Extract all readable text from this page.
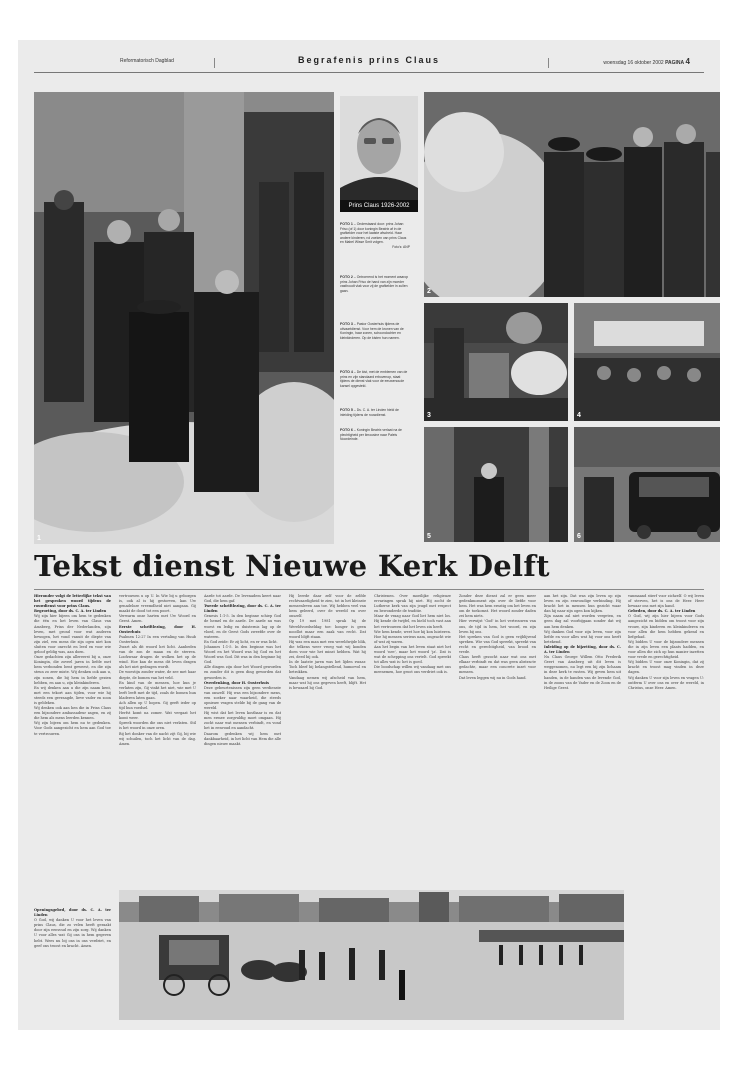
Reformatorisch Dagblad	Begrafenis prins Claus	woensdag 16 oktober 2002 PAGINA 4
1
Prins Claus 1926-2002
FOTO 1 – Onderstaand door: prins Johan Friso (of 1) door koningin Beatrix af in de grafkelder voor het laatste afscheid. Haar andere kinderen, rol zoeken van prins Claus en Mabel Wisse Smit volgen.
Foto's: ANP
FOTO 2 – Ontroerend is het moment waarop prins Johan Friso de hand van zijn moeder vasthoudt vlak voor zij de grafkelder in zullen gaan.
FOTO 3 – Pastor Oosterhuis tijdens de uitvaartdienst. Voor hem de kronen van de Koningin, haar zonen, schoondochter en kleinkinderen. Op de kisten hun namen.
FOTO 4 – De kist, met de emblemen van de prins en zijn standaard erbovenop, staat tijdens de dienst vlak voor de eeuwenoude kansel opgesteld.
FOTO 5 – Ds. C. A. ter Linden hield de inleiding tijdens de rouwdienst.
FOTO 6 – Koningin Beatrix verlaat na de plechtigheid per limousine naar Paleis Noordeinde.
2
3	4
5	6
Tekst dienst Nieuwe Kerk Delft
Hieronder volgt de letterlijke tekst van het gesproken woord tijdens de rouwdienst voor prins Claus.
Begroeting, door ds. C. A. ter Linden
Wij zijn hier bijeen om hem te gedenken die één en het leven van Claus van Amsberg, Prins der Nederlanden, zijn leven, met grond voor wat anderen bewogen, het vond vanuit de diepte van zijn ziel, een mens die zijn ogen niet kon sluiten voor onrecht en leed en voor wie geloof geldig was, aan doen.
Onze gedachten zijn allereerst bij u, onze Koningin, die zoveel jaren in liefde met hem verbonden bent geweest, en die zijn steun zo zeer miste. Wij denken ook aan u, zijn zonen, die bij hem in liefde gezien hebben, en aan u, zijn kleinkinderen.
En wij denken aan u die zijn naam kent, met een tekort aan tijden, voor wie hij steeds een gevraagde, lieve vader en zoon is gebleken.
Wij denken ook aan hen die in Prins Claus een bijzondere ambassadeur zagen, en zij die hem als mens leerden kennen.
Wij zijn bijeen om hem nu te gedenken. Voor Gods aangezicht en hem aan God toe te vertrouwen.
Openingsgebed, door ds. C. A. ter Linden
O God, wij danken U voor het leven van prins Claus, die zo velen heeft geraakt door zijn eenvoud en zijn zorg. Wij danken U voor alles wat Gij ons in hem gegeven hebt. Wees nu bij ons in ons verdriet, en geef ons troost en kracht. Amen.
vertrouwen u op U. In Wie bij u geborgen is, ook al is hij gestorven, kan Uw genadeloze vreemdheid niet aangaan. Gij maakt de dood tot een poort.
Verwarm onze harten met Uw Woord en Geest. Amen.
Eerste schriftlezing, door H. Oosterhuis
Psalmen 12:27 In een vertaling van Huub Oosterhuis.
Zwart als dit woord het licht. Aanbeden van de zon de maan en de sterren. Loofzwaar dragen de wolken het op de wind. Hoe kan de mens dit leven dragen als het niet gedragen wordt.
De woestijn zonder water, de zee met haar diepte, de bomen van het veld.
En kind van de mensen, hoe kun je verlaten zijn, Gij vinkt het niet, wie met U leeft leeft met de tijd, zoals de bomen hun bladeren laten gaan.
Ach allen op U hopen. Gij geeft ieder op tijd hun voedsel.
Herfst komt na zomer. Wat vergaat het komt weer.
Spreek woorden die ons niet verlaten. Stil is het woord in onze oren.
Bij het donker van de nacht zijt Gij, bij wie wij schuilen, toch het licht van de dag. Amen.
Aarde tot aarde. De levenadem keert naar God, die hem gaf.
Tweede schriftlezing, door ds. C. A. ter Linden
Genesis 1:1-5. In den beginne schiep God de hemel en de aarde. De aarde nu was woest en ledig en duisternis lag op de vloed, en de Geest Gods zweefde over de wateren.
En God zeide: Er zij licht, en er was licht.
Johannes 1:1-5. In den beginne was het Woord en het Woord was bij God en het Woord was God. Dit was in den beginne bij God.
Alle dingen zijn door het Woord geworden en zonder dit is geen ding geworden dat geworden is.
Overdenking, door H. Oosterhuis
Deze gebeurtenissen zijn geen verdienste van onszelf. Hij was een bijzondere mens, een zoeker naar waarheid, die steeds opnieuw vragen stelde bij de gang van de wereld.
Hij wist dat het leven kostbaar is en dat men ermee zorgvuldig moet omgaan. Hij zocht naar wat mensen verbindt, en vond het in eenvoud en aandacht.
Daarom gedenken wij hem met dankbaarheid, in het licht van Hem die alle dingen nieuw maakt.
Hij leerde daar zelf voor de zelfde rechtvaardigheid te zien, tot in het kleinste mensenleven aan toe. Wij hebben veel van hem geleerd, over de wereld en over onszelf.
Op 19 mei 1981 sprak hij de Wereldvoedseldag toe: honger is geen noodlot maar een zaak van recht. Dat woord blijft staan.
Hij was een man met een wereldwijde blik, die telkens weer vroeg wat wij konden doen voor wie het minst hebben. Wat hij zei, deed hij ook.
In de laatste jaren was het lijden zwaar. Toch bleef hij belangstellend, humorvol en betrokken.
Vandaag nemen wij afscheid van hem, maar wat hij ons gegeven heeft, blijft. Het is bewaard bij God.
Christenen. Over moeilijke religieuze ervaringen sprak hij niet. Hij zocht de Lutherse kerk van zijn jeugd met respect en bewonderde de traditie.
Maar de vraag naar God liet hem niet los. Hij kende de twijfel, en hield toch vast aan het vertrouwen dat het leven zin heeft.
Wie hem kende, weet hoe hij kon luisteren. Hoe hij mensen serieus nam, ongeacht wie of wat zij waren.
Aan het begin van het leven staat niet het woord 'nee', maar het woord 'ja'. Dat is wat de schepping ons vertelt. God spreekt tot alles wat is: het is goed.
Die boodschap willen wij vandaag met ons meenemen, hoe groot ons verdriet ook is.
Zonder deze dienst zal er geen meer gedenkmoment zijn over de liefde voor hem. Het was hem ernstig om het leven en om de toekomst. Het woord zonder daden zei hem niets.
Hier verwijst 'God' in het vertrouwen van ons, de tijd in hem, het woord, en zijn leven bij ons.
Het spreken van God is geen vrijblijvend spreken. Wie van God spreekt, spreekt van recht en gerechtigheid, van brood en vrede.
Claus heeft gezocht naar wat ons met elkaar verbindt en dat was geen abstracte gedachte, maar een concrete inzet voor mensen.
Dat leven leggen wij nu in Gods hand.
aan het zijn. Dat was zijn leven op zijn leven en zijn eenvoudige verbinding. Hij bracht het in mensen hun gezicht waar dan hij naar zijn ogen kon kijken.
Zijn naam zal niet worden vergeten, en geen dag zal voorbijgaan zonder dat wij aan hem denken.
Wij danken God voor zijn leven, voor zijn liefde en voor alles wat hij voor ons heeft betekend.
Inleiding op de bijzetting, door ds. C. A. ter Linden
Nu Claus George Willem Otto Frederik Geert van Amsberg uit dit leven is weggenomen, nu legt een hij zijn lichaam in deze kerk te rusten. Wij geven hem uit handen, in de handen van de levende God, in de zoons van de Vader en de Zoon en de Heilige Geest.
vanmaand stierf voor zichzelf. O wij leven of sterven, het is ons de Heer. Heer bewaar ons met zijn hand.
Gebeden, door ds. C. A. ter Linden
O God, wij zijn hier bijeen voor Gods aangezicht en bidden om troost voor zijn vrouw, zijn kinderen en kleinkinderen en voor allen die hem hebben gekend en liefgehad.
Wij bidden U voor de bijzondere mensen die in zijn leven een plaats hadden, en voor allen die zich op hun manier inzetten voor vrede en gerechtigheid.
Wij bidden U voor onze Koningin, dat zij kracht en troost mag vinden in deze dagen.
Wij danken U voor zijn leven en vragen U: ontferm U over ons en over de wereld, in Christus, onze Heer. Amen.
